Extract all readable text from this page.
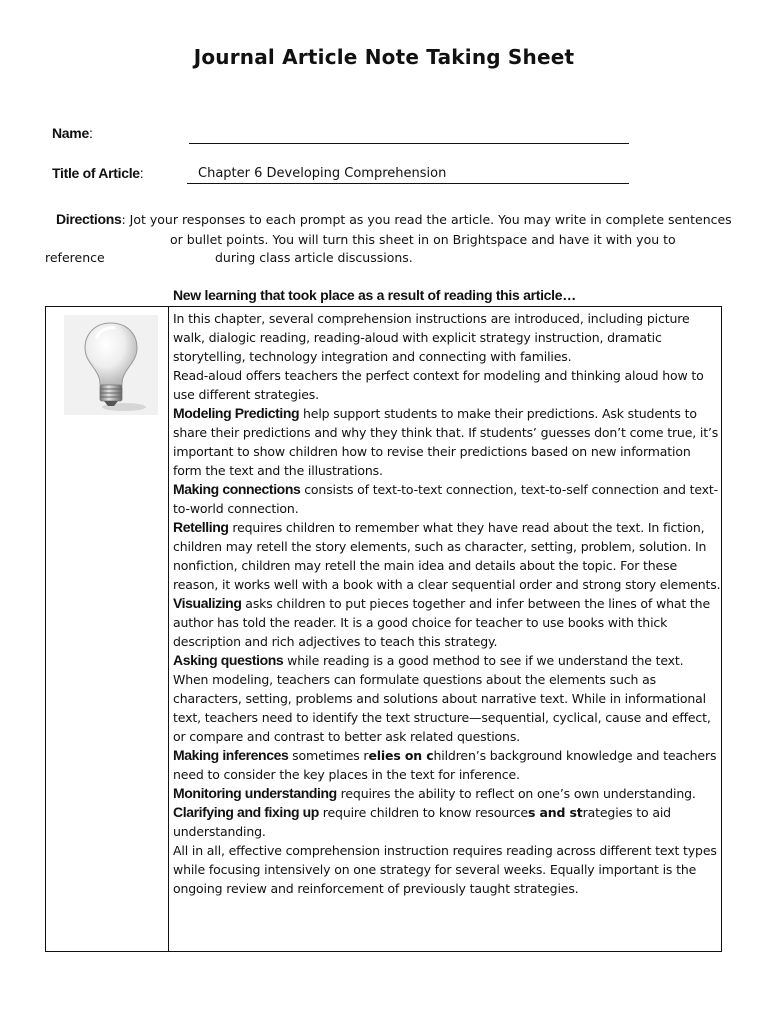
Journal Article Note Taking Sheet
Name:
Title of Article:	Chapter 6 Developing Comprehension
Directions: Jot your responses to each prompt as you read the article. You may write in complete sentences
or bullet points. You will turn this sheet in on Brightspace and have it with you to
reference	during class article discussions.
New learning that took place as a result of reading this article…

In this chapter, several comprehension instructions are introduced, including picture walk, dialogic reading, reading-aloud with explicit strategy instruction, dramatic storytelling, technology integration and connecting with families.

Read-aloud offers teachers the perfect context for modeling and thinking aloud how to use different strategies.

Modeling Predicting help support students to make their predictions. Ask students to share their predictions and why they think that. If students’ guesses don’t come true, it’s important to show children how to revise their predictions based on new information form the text and the illustrations.

Making connections consists of text-to-text connection, text-to-self connection and text-to-world connection.

Retelling requires children to remember what they have read about the text. In fiction, children may retell the story elements, such as character, setting, problem, solution. In nonfiction, children may retell the main idea and details about the topic. For these reason, it works well with a book with a clear sequential order and strong story elements.

Visualizing asks children to put pieces together and infer between the lines of what the author has told the reader. It is a good choice for teacher to use books with thick description and rich adjectives to teach this strategy.

Asking questions while reading is a good method to see if we understand the text. When modeling, teachers can formulate questions about the elements such as characters, setting, problems and solutions about narrative text. While in informational text, teachers need to identify the text structure—sequential, cyclical, cause and effect, or compare and contrast to better ask related questions.

Making inferences sometimes relies on children’s background knowledge and teachers need to consider the key places in the text for inference.

Monitoring understanding requires the ability to reflect on one’s own understanding.

Clarifying and fixing up require children to know resources and strategies to aid understanding.

All in all, effective comprehension instruction requires reading across different text types while focusing intensively on one strategy for several weeks. Equally important is the ongoing review and reinforcement of previously taught strategies.
